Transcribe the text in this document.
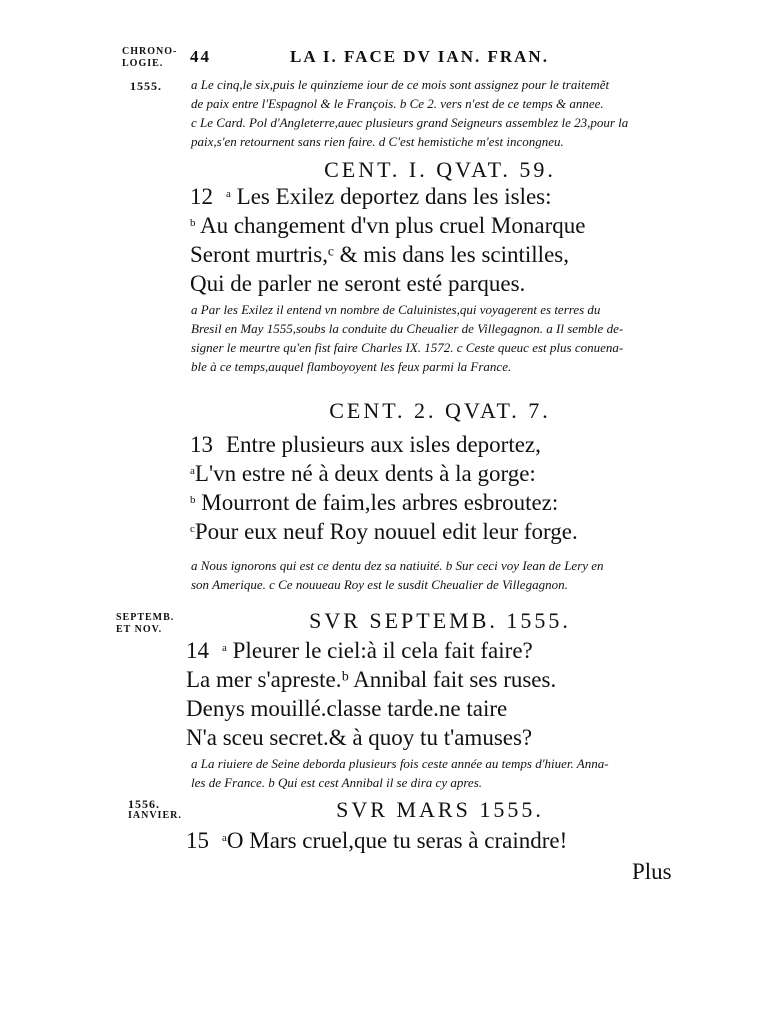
CHRONO-
LOGIE.
1555.
SEPTEMB.
ET NOV.
1556.
IANVIER.
44	LA I. FACE DV IAN. FRAN.

a Le cinq,le six,puis le quinzieme iour de ce mois sont assignez pour le traitemẽt

de paix entre l'Espagnol & le François. b Ce 2. vers n'est de ce temps & annee.

c Le Card. Pol d'Angleterre,auec plusieurs grand Seigneurs assemblez le 23,pour la

paix,s'en retournent sans rien faire. d C'est hemistiche m'est incongneu.

CENT. I. QVAT. 59.

12 $^a$ Les Exilez deportez dans les isles:

$^b$ Au changement d'vn plus cruel Monarque

Seront murtris,ᶜ & mis dans les scintilles,

Qui de parler ne seront esté parques.

a Par les Exilez il entend vn nombre de Caluinistes,qui voyagerent es terres du

Bresil en May 1555,soubs la conduite du Cheualier de Villegagnon. a Il semble de-

signer le meurtre qu'en fist faire Charles IX. 1572. c Ceste queuc est plus conuena-

ble à ce temps,auquel flamboyoyent les feux parmi la France.

CENT. 2. QVAT. 7.

13 Entre plusieurs aux isles deportez,

$^a$L'vn estre né à deux dents à la gorge:

$^b$ Mourront de faim,les arbres esbroutez:

$^c$Pour eux neuf Roy nouuel edit leur forge.

a Nous ignorons qui est ce dentu dez sa natiuité. b Sur ceci voy Iean de Lery en

son Amerique. c Ce nouueau Roy est le susdit Cheualier de Villegagnon.

SVR SEPTEMB. 1555.

14 $^a$ Pleurer le ciel:à il cela fait faire?

La mer s'apreste.ᵇ Annibal fait ses ruses.

Denys mouillé.classe tarde.ne taire

N'a sceu secret.& à quoy tu t'amuses?

a La riuiere de Seine deborda plusieurs fois ceste année au temps d'hiuer. Anna-

les de France. b Qui est cest Annibal il se dira cy apres.

SVR MARS 1555.

15 $^a$O Mars cruel,que tu seras à craindre!

Plus
